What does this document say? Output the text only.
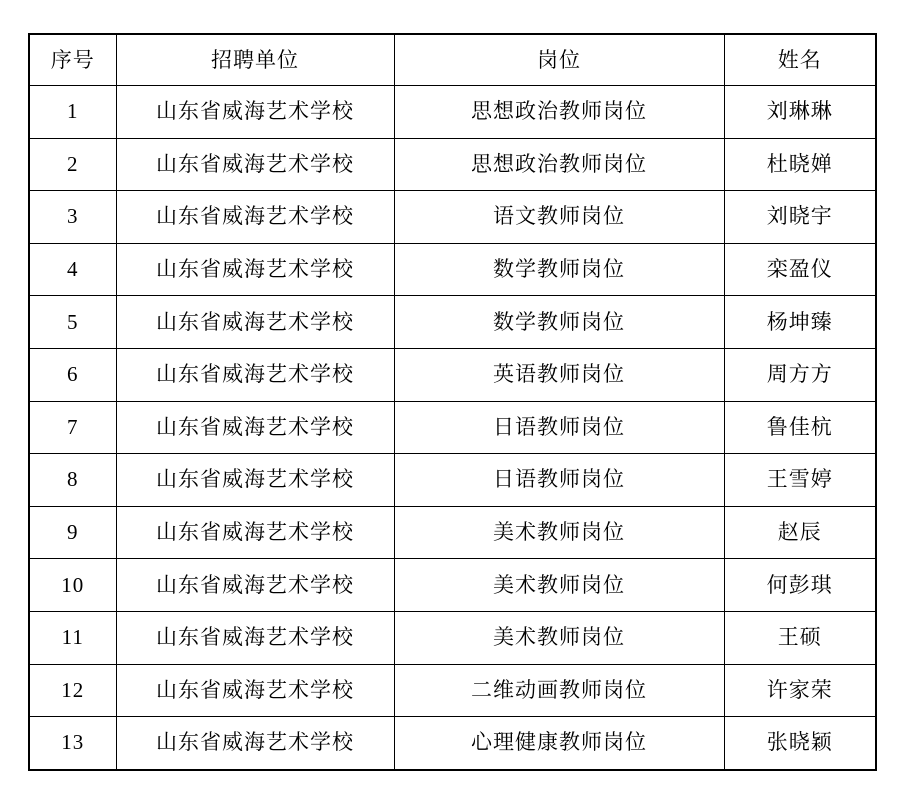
序号	招聘单位	岗位	姓名
1	山东省威海艺术学校	思想政治教师岗位	刘琳琳
2	山东省威海艺术学校	思想政治教师岗位	杜晓婵
3	山东省威海艺术学校	语文教师岗位	刘晓宇
4	山东省威海艺术学校	数学教师岗位	栾盈仪
5	山东省威海艺术学校	数学教师岗位	杨坤臻
6	山东省威海艺术学校	英语教师岗位	周方方
7	山东省威海艺术学校	日语教师岗位	鲁佳杭
8	山东省威海艺术学校	日语教师岗位	王雪婷
9	山东省威海艺术学校	美术教师岗位	赵辰
10	山东省威海艺术学校	美术教师岗位	何彭琪
11	山东省威海艺术学校	美术教师岗位	王硕
12	山东省威海艺术学校	二维动画教师岗位	许家荣
13	山东省威海艺术学校	心理健康教师岗位	张晓颖
